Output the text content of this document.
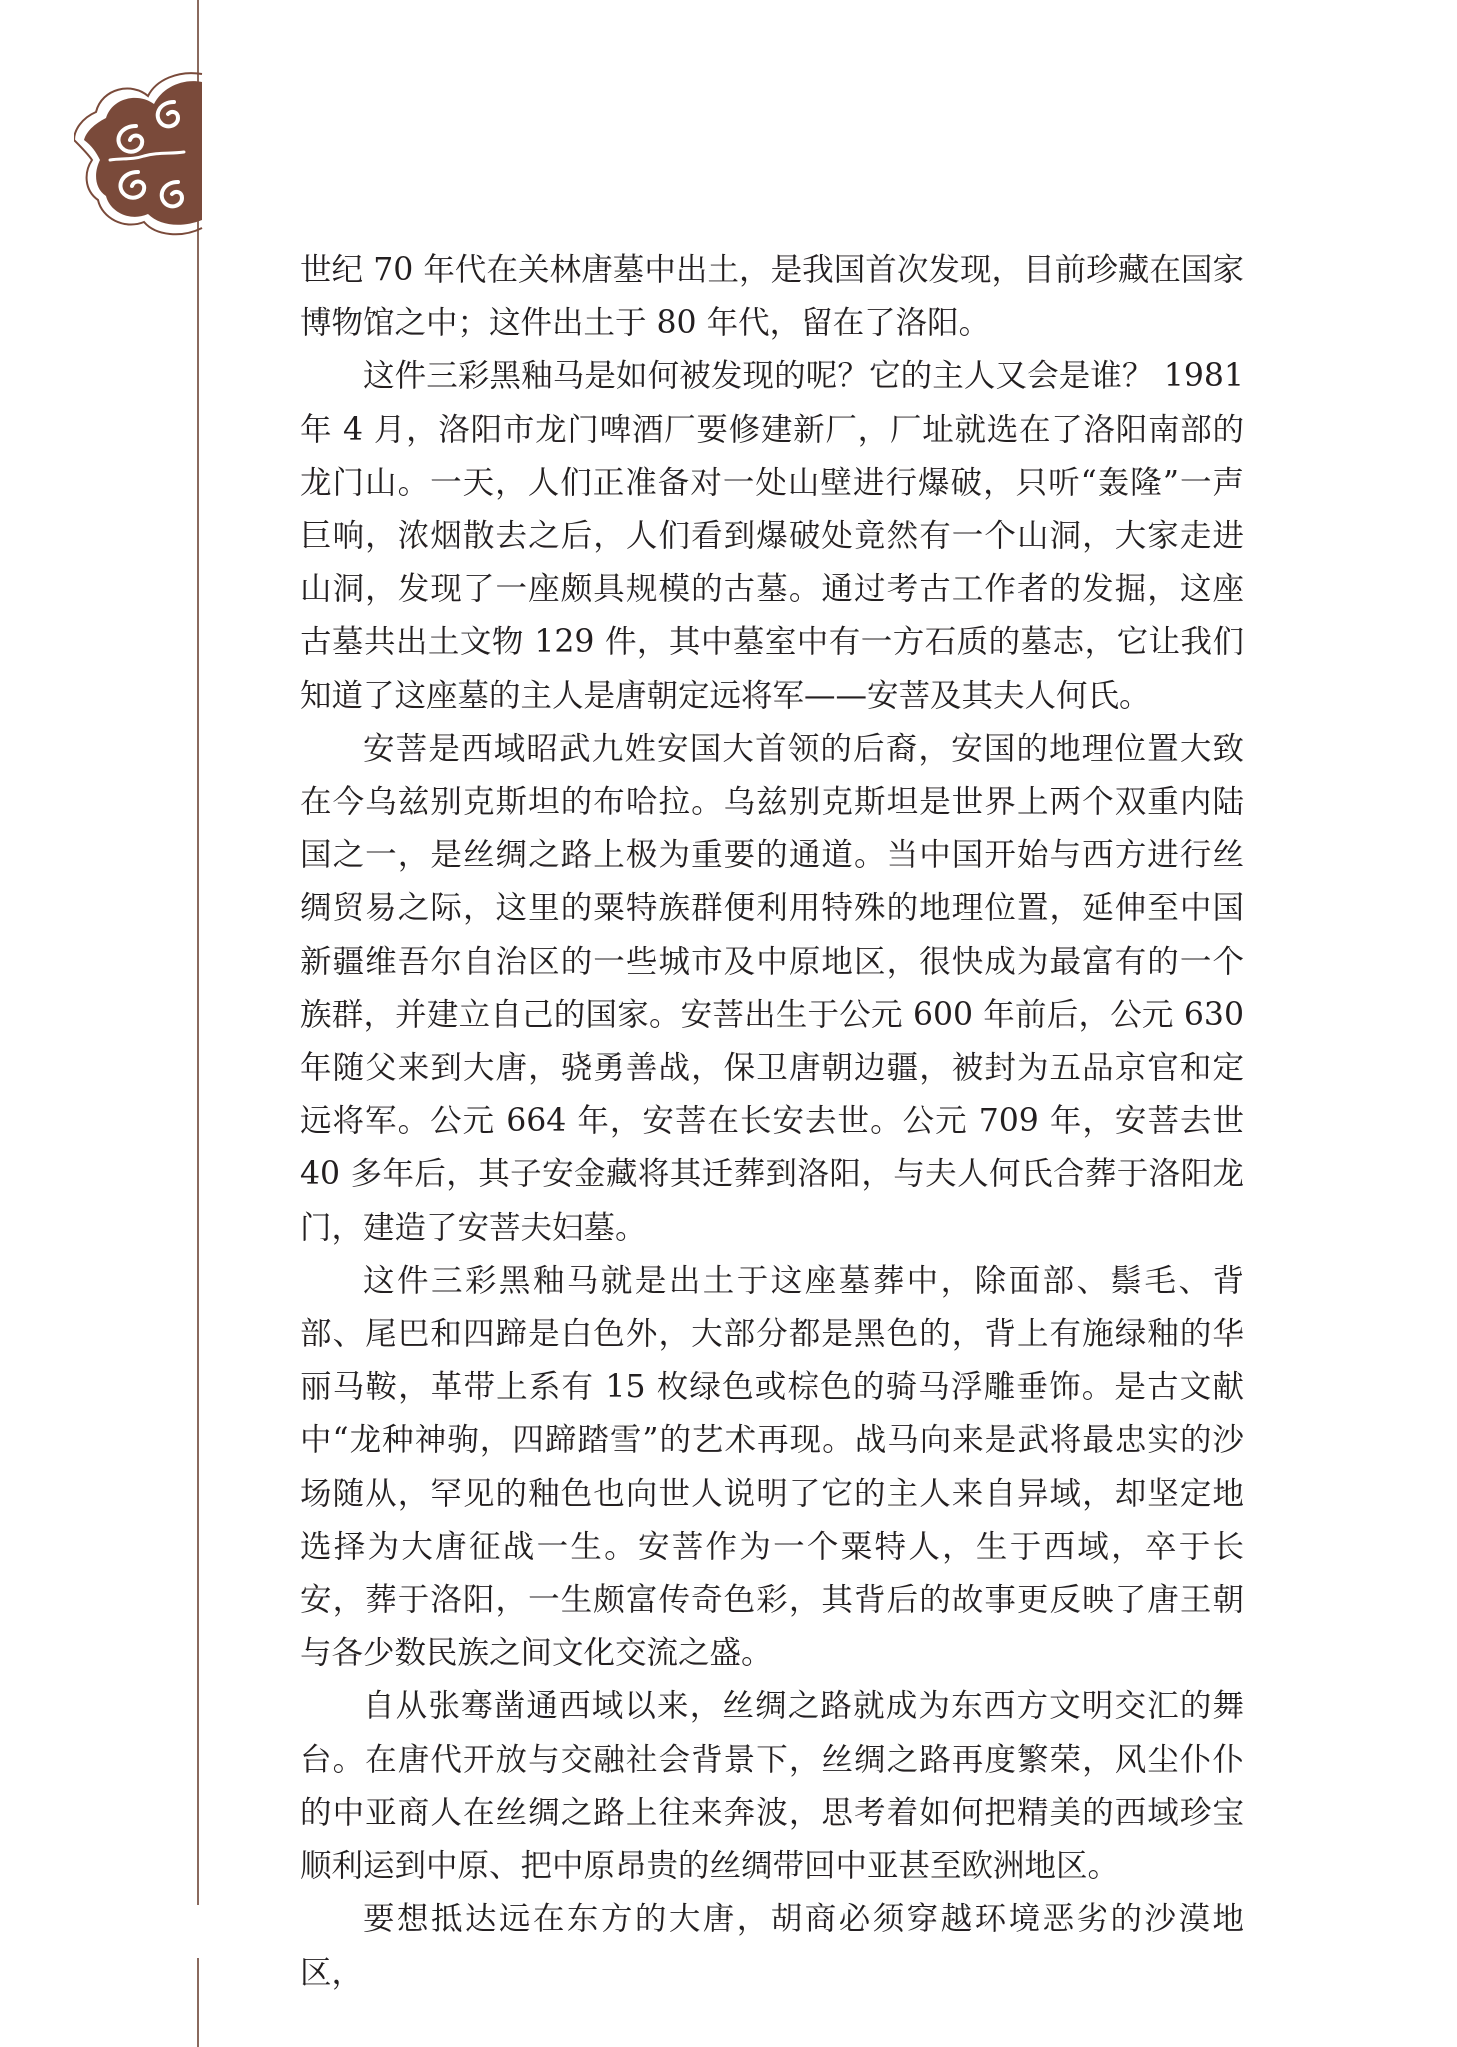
世纪 70 年代在关林唐墓中出土，是我国首次发现，目前珍藏在国家博物馆之中；这件出土于 80 年代，留在了洛阳。

这件三彩黑釉马是如何被发现的呢？它的主人又会是谁？ 1981 年 4 月，洛阳市龙门啤酒厂要修建新厂，厂址就选在了洛阳南部的龙门山。一天，人们正准备对一处山壁进行爆破，只听“轰隆”一声巨响，浓烟散去之后，人们看到爆破处竟然有一个山洞，大家走进山洞，发现了一座颇具规模的古墓。通过考古工作者的发掘，这座古墓共出土文物 129 件，其中墓室中有一方石质的墓志，它让我们知道了这座墓的主人是唐朝定远将军——安菩及其夫人何氏。

安菩是西域昭武九姓安国大首领的后裔，安国的地理位置大致在今乌兹别克斯坦的布哈拉。乌兹别克斯坦是世界上两个双重内陆国之一，是丝绸之路上极为重要的通道。当中国开始与西方进行丝绸贸易之际，这里的粟特族群便利用特殊的地理位置，延伸至中国新疆维吾尔自治区的一些城市及中原地区，很快成为最富有的一个族群，并建立自己的国家。安菩出生于公元 600 年前后，公元 630 年随父来到大唐，骁勇善战，保卫唐朝边疆，被封为五品京官和定远将军。公元 664 年，安菩在长安去世。公元 709 年，安菩去世 40 多年后，其子安金藏将其迁葬到洛阳，与夫人何氏合葬于洛阳龙门，建造了安菩夫妇墓。

这件三彩黑釉马就是出土于这座墓葬中，除面部、鬃毛、背部、尾巴和四蹄是白色外，大部分都是黑色的，背上有施绿釉的华丽马鞍，革带上系有 15 枚绿色或棕色的骑马浮雕垂饰。是古文献中“龙种神驹，四蹄踏雪”的艺术再现。战马向来是武将最忠实的沙场随从，罕见的釉色也向世人说明了它的主人来自异域，却坚定地选择为大唐征战一生。安菩作为一个粟特人，生于西域，卒于长安，葬于洛阳，一生颇富传奇色彩，其背后的故事更反映了唐王朝与各少数民族之间文化交流之盛。

自从张骞凿通西域以来，丝绸之路就成为东西方文明交汇的舞台。在唐代开放与交融社会背景下，丝绸之路再度繁荣，风尘仆仆的中亚商人在丝绸之路上往来奔波，思考着如何把精美的西域珍宝顺利运到中原、把中原昂贵的丝绸带回中亚甚至欧洲地区。

要想抵达远在东方的大唐，胡商必须穿越环境恶劣的沙漠地区，
